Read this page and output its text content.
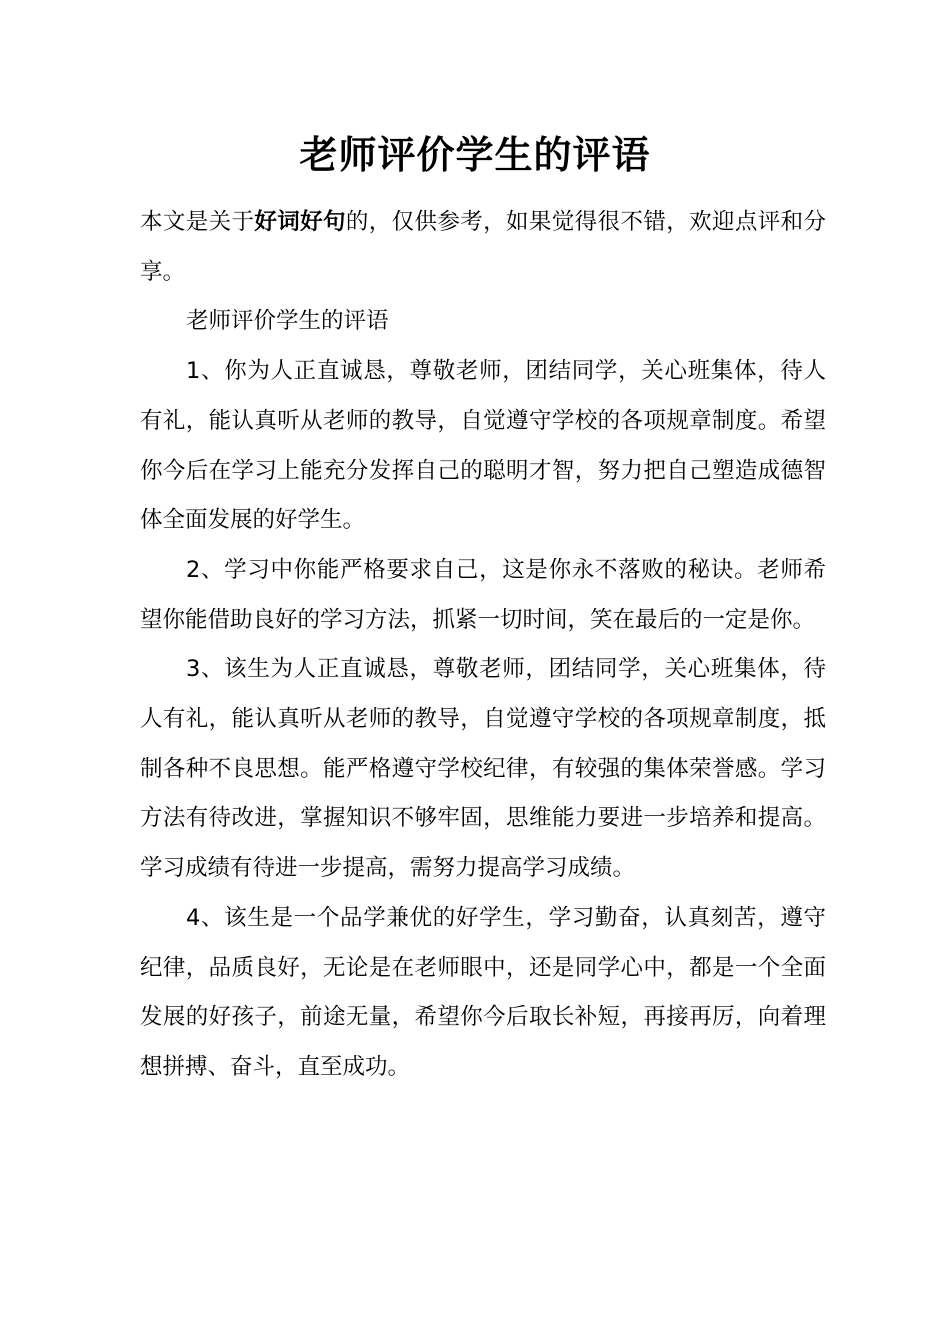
老师评价学生的评语

本文是关于好词好句的，仅供参考，如果觉得很不错，欢迎点评和分享。

老师评价学生的评语

1、你为人正直诚恳，尊敬老师，团结同学，关心班集体，待人有礼，能认真听从老师的教导，自觉遵守学校的各项规章制度。希望你今后在学习上能充分发挥自己的聪明才智，努力把自己塑造成德智体全面发展的好学生。

2、学习中你能严格要求自己，这是你永不落败的秘诀。老师希望你能借助良好的学习方法，抓紧一切时间，笑在最后的一定是你。

3、该生为人正直诚恳，尊敬老师，团结同学，关心班集体，待人有礼，能认真听从老师的教导，自觉遵守学校的各项规章制度，抵制各种不良思想。能严格遵守学校纪律，有较强的集体荣誉感。学习方法有待改进，掌握知识不够牢固，思维能力要进一步培养和提高。学习成绩有待进一步提高，需努力提高学习成绩。

4、该生是一个品学兼优的好学生，学习勤奋，认真刻苦，遵守纪律，品质良好，无论是在老师眼中，还是同学心中，都是一个全面发展的好孩子，前途无量，希望你今后取长补短，再接再厉，向着理想拼搏、奋斗，直至成功。
